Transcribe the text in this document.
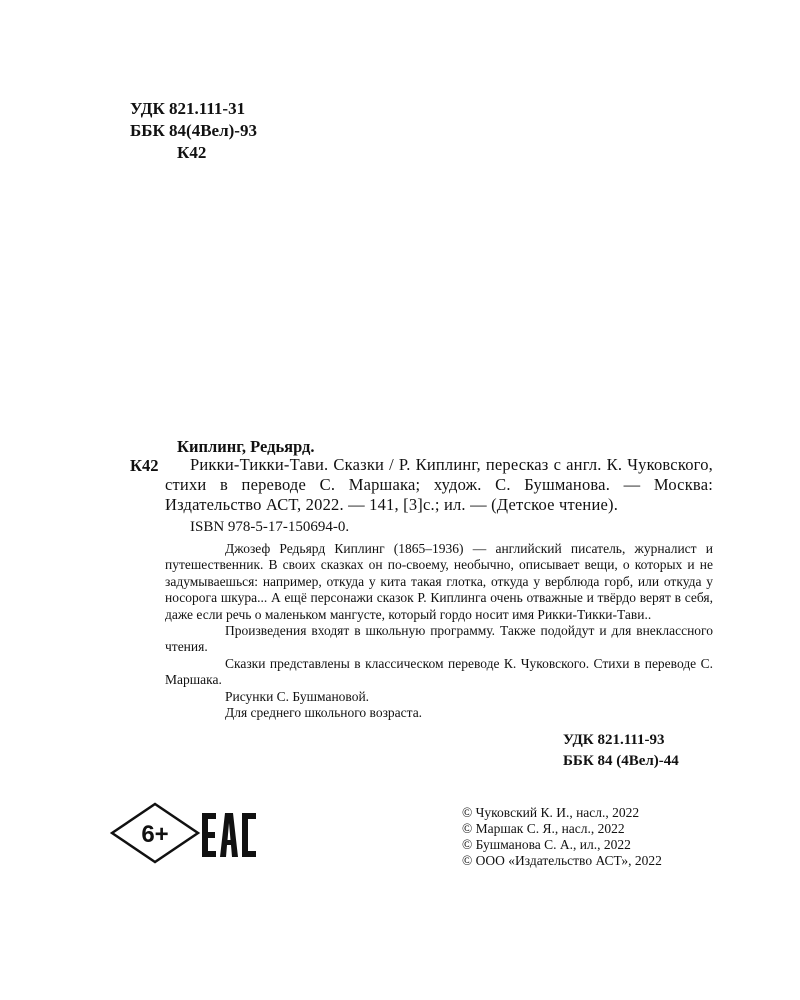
УДК 821.111-31
ББК 84(4Вел)-93
К42
Киплинг, Редьярд.
К42	Рикки-Тикки-Тави. Сказки / Р. Киплинг, пересказ с англ. К. Чуковского, стихи в переводе С. Маршака; худож. С. Бушманова. — Москва: Издательство АСТ, 2022. — 141, [3]с.; ил. — (Детское чтение).

ISBN 978-5-17-150694-0.

Джозеф Редьярд Киплинг (1865–1936) — английский писатель, журналист и путешественник. В своих сказках он по-своему, необычно, описывает вещи, о которых и не задумываешься: например, откуда у кита такая глотка, откуда у верблюда горб, или откуда у носорога шкура... А ещё персонажи сказок Р. Киплинга очень отважные и твёрдо верят в себя, даже если речь о маленьком мангусте, который гордо носит имя Рикки-Тикки-Тави..

Произведения входят в школьную программу. Также подойдут и для внеклассного чтения.

Сказки представлены в классическом переводе К. Чуковского. Стихи в переводе С. Маршака.

Рисунки С. Бушмановой.

Для среднего школьного возраста.

УДК 821.111-93
ББК 84 (4Вел)-44
6+
© Чуковский К. И., насл., 2022
© Маршак С. Я., насл., 2022
© Бушманова С. А., ил., 2022
© ООО «Издательство АСТ», 2022
